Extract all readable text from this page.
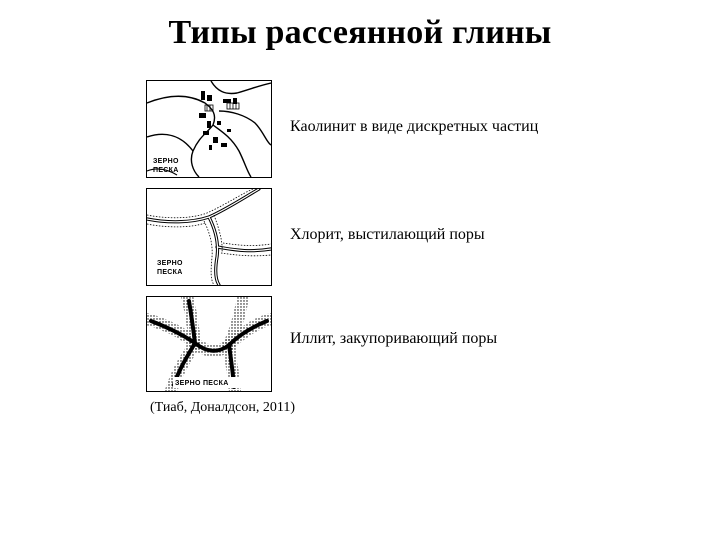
Типы рассеянной глины
ЗЕРНО
ПЕСКА
Каолинит в виде дискретных частиц
ЗЕРНО
ПЕСКА
Хлорит, выстилающий поры
ЗЕРНО ПЕСКА
Иллит, закупоривающий поры
(Тиаб, Доналдсон, 2011)
